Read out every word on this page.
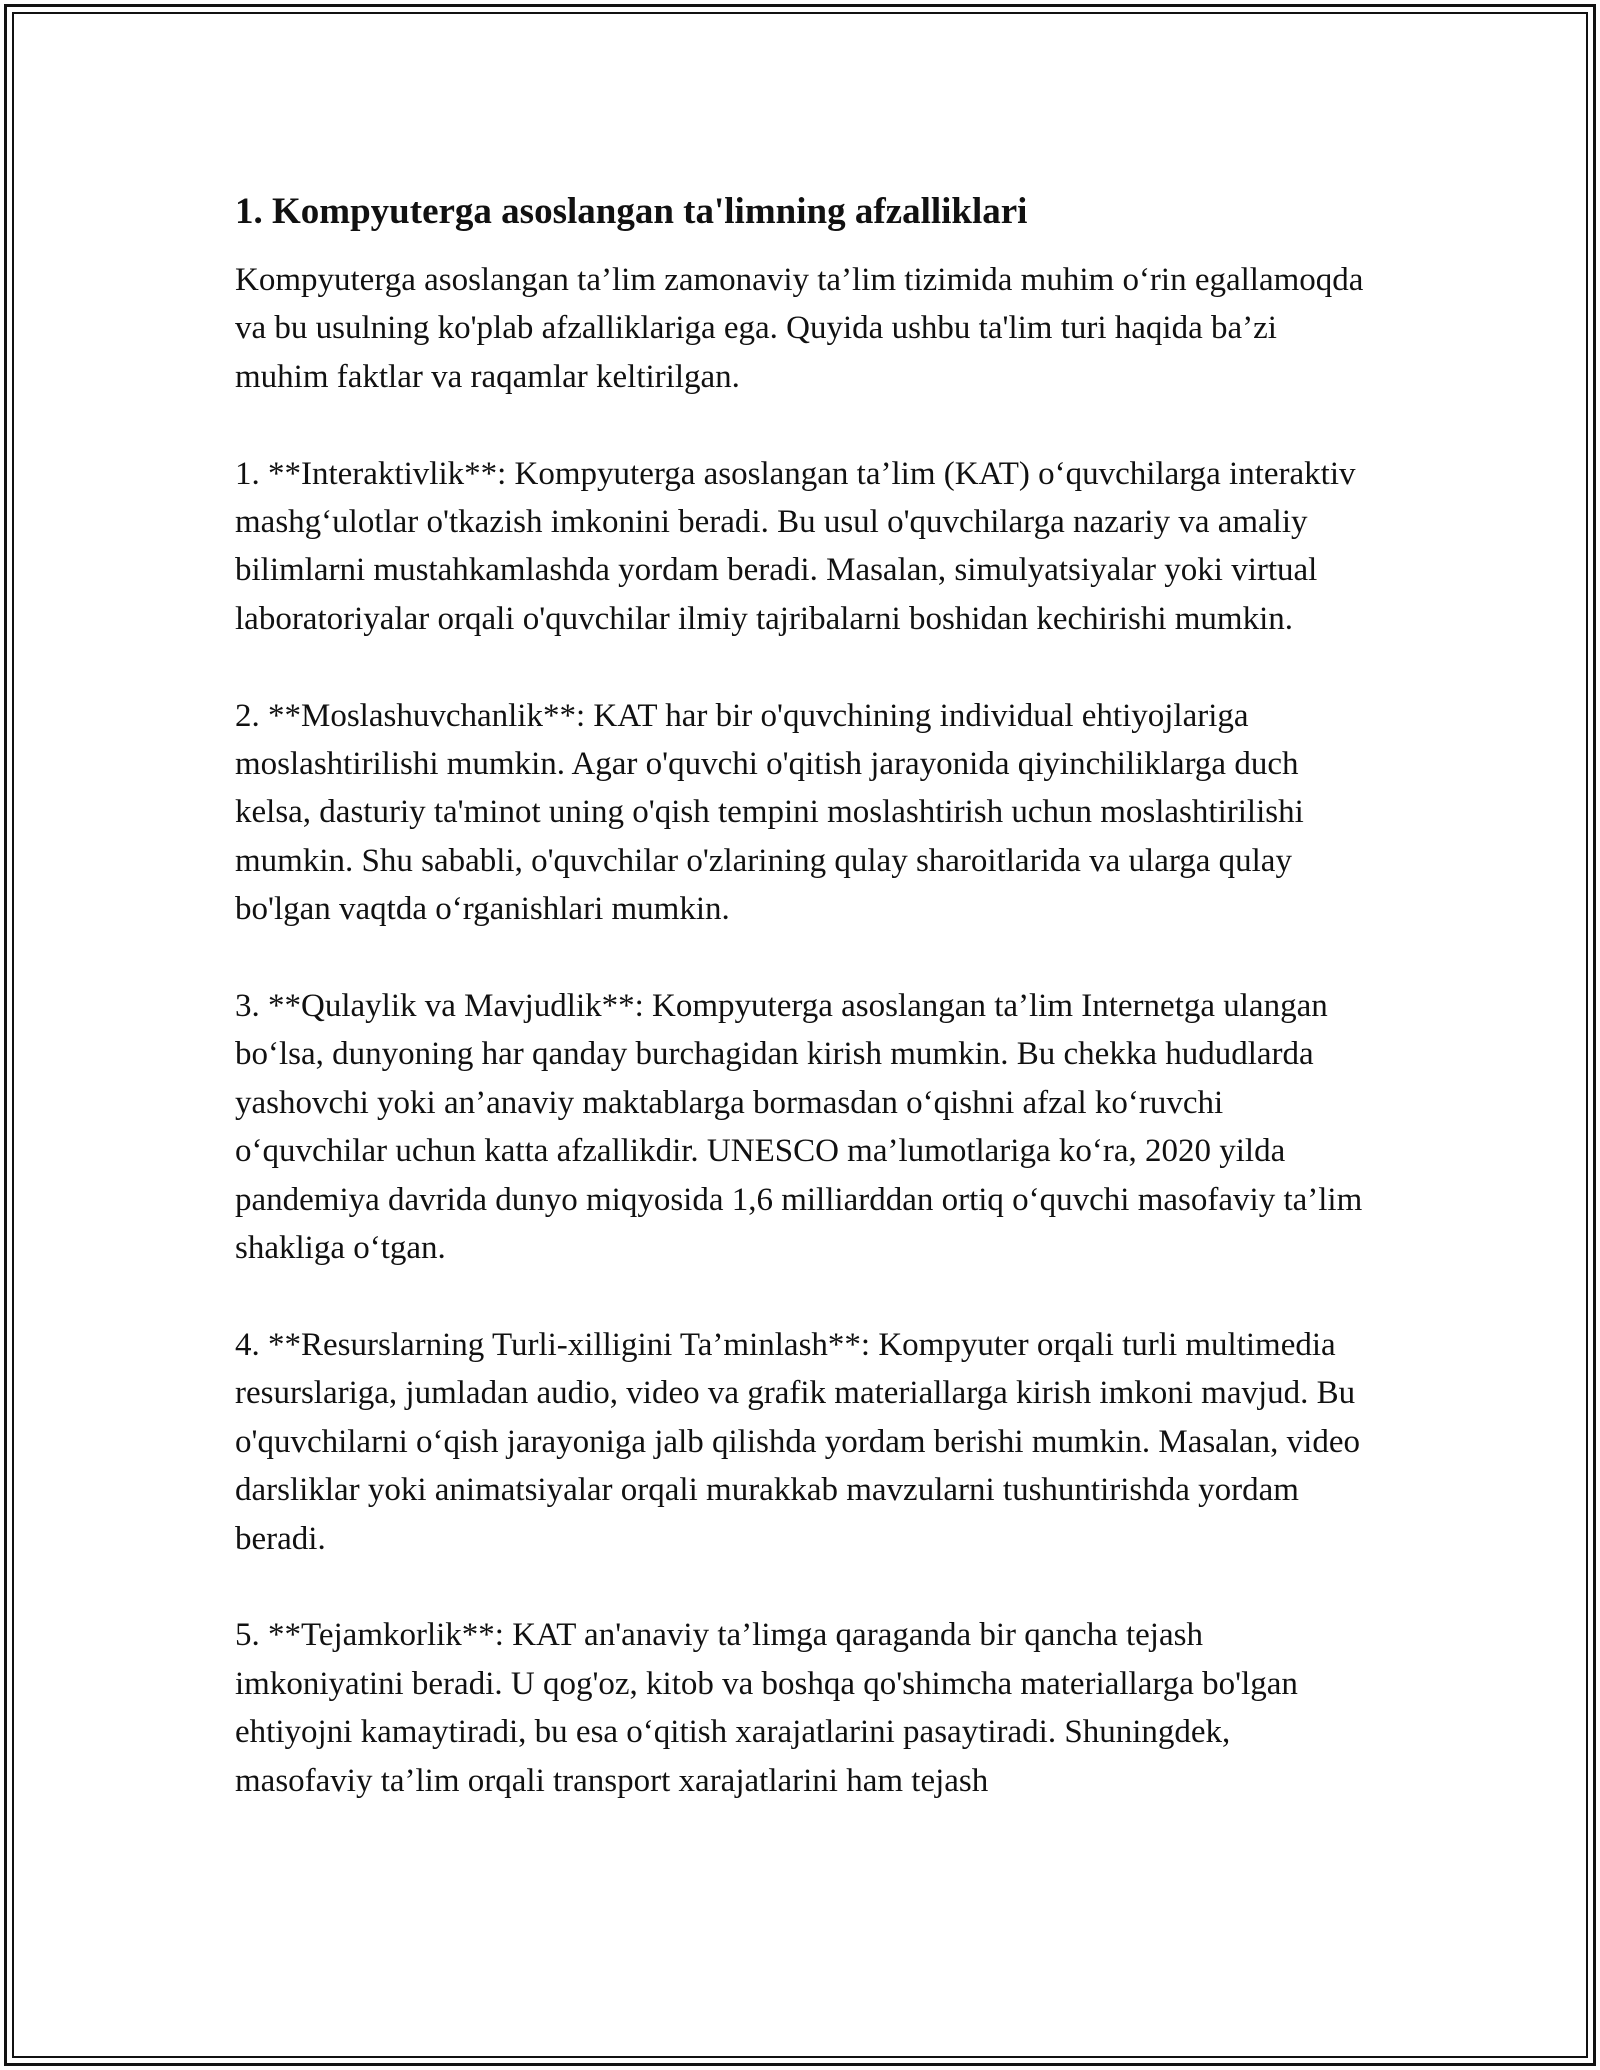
1. Kompyuterga asoslangan ta'limning afzalliklari

Kompyuterga asoslangan ta’lim zamonaviy ta’lim tizimida muhim o‘rin egallamoqda va bu usulning ko'plab afzalliklariga ega. Quyida ushbu ta'lim turi haqida ba’zi muhim faktlar va raqamlar keltirilgan.

1. **Interaktivlik**: Kompyuterga asoslangan ta’lim (KAT) o‘quvchilarga interaktiv mashg‘ulotlar o'tkazish imkonini beradi. Bu usul o'quvchilarga nazariy va amaliy bilimlarni mustahkamlashda yordam beradi. Masalan, simulyatsiyalar yoki virtual laboratoriyalar orqali o'quvchilar ilmiy tajribalarni boshidan kechirishi mumkin.

2. **Moslashuvchanlik**: KAT har bir o'quvchining individual ehtiyojlariga moslashtirilishi mumkin. Agar o'quvchi o'qitish jarayonida qiyinchiliklarga duch kelsa, dasturiy ta'minot uning o'qish tempini moslashtirish uchun moslashtirilishi mumkin. Shu sababli, o'quvchilar o'zlarining qulay sharoitlarida va ularga qulay bo'lgan vaqtda o‘rganishlari mumkin.

3. **Qulaylik va Mavjudlik**: Kompyuterga asoslangan ta’lim Internetga ulangan bo‘lsa, dunyoning har qanday burchagidan kirish mumkin. Bu chekka hududlarda yashovchi yoki an’anaviy maktablarga bormasdan o‘qishni afzal ko‘ruvchi o‘quvchilar uchun katta afzallikdir. UNESCO ma’lumotlariga ko‘ra, 2020 yilda pandemiya davrida dunyo miqyosida 1,6 milliarddan ortiq o‘quvchi masofaviy ta’lim shakliga o‘tgan.

4. **Resurslarning Turli-xilligini Ta’minlash**: Kompyuter orqali turli multimedia resurslariga, jumladan audio, video va grafik materiallarga kirish imkoni mavjud. Bu o'quvchilarni o‘qish jarayoniga jalb qilishda yordam berishi mumkin. Masalan, video darsliklar yoki animatsiyalar orqali murakkab mavzularni tushuntirishda yordam beradi.

5. **Tejamkorlik**: KAT an'anaviy ta’limga qaraganda bir qancha tejash imkoniyatini beradi. U qog'oz, kitob va boshqa qo'shimcha materiallarga bo'lgan ehtiyojni kamaytiradi, bu esa o‘qitish xarajatlarini pasaytiradi. Shuningdek, masofaviy ta’lim orqali transport xarajatlarini ham tejash
